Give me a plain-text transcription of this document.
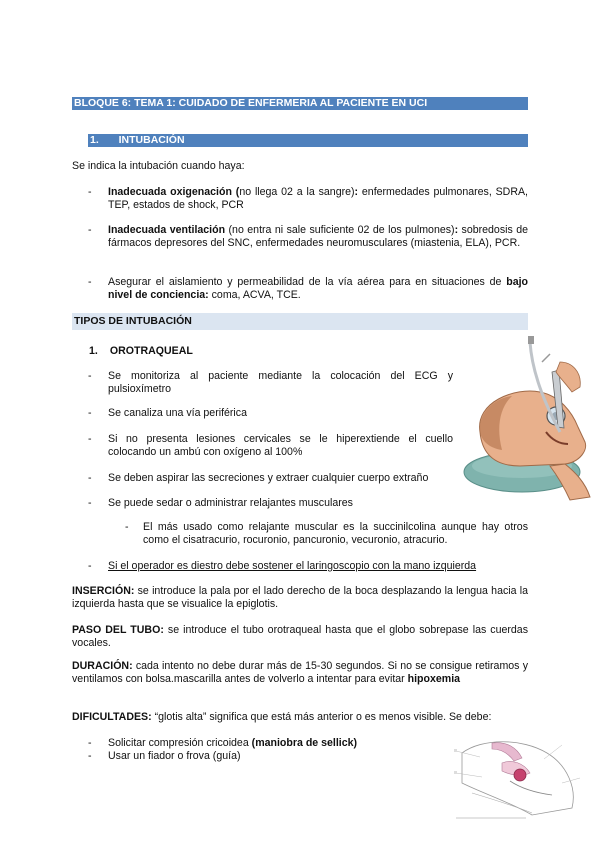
BLOQUE 6: TEMA 1: CUIDADO DE ENFERMERIA AL PACIENTE EN UCI
1. INTUBACIÓN
Se indica la intubación cuando haya:
- Inadecuada oxigenación (no llega 02 a la sangre): enfermedades pulmonares, SDRA, TEP, estados de shock, PCR
- Inadecuada ventilación (no entra ni sale suficiente 02 de los pulmones): sobredosis de fármacos depresores del SNC, enfermedades neuromusculares (miastenia, ELA), PCR.
- Asegurar el aislamiento y permeabilidad de la vía aérea para en situaciones de bajo nivel de conciencia: coma, ACVA, TCE.
TIPOS DE INTUBACIÓN
1. OROTRAQUEAL
- Se monitoriza al paciente mediante la colocación del ECG y pulsioxímetro
- Se canaliza una vía periférica
- Si no presenta lesiones cervicales se le hiperextiende el cuello colocando un ambú con oxígeno al 100%
- Se deben aspirar las secreciones y extraer cualquier cuerpo extraño
- Se puede sedar o administrar relajantes musculares
- El más usado como relajante muscular es la succinilcolina aunque hay otros como el cisatracurio, rocuronio, pancuronio, vecuronio, atracurio.
- Si el operador es diestro debe sostener el laringoscopio con la mano izquierda
INSERCIÓN: se introduce la pala por el lado derecho de la boca desplazando la lengua hacia la izquierda hasta que se visualice la epiglotis.
PASO DEL TUBO: se introduce el tubo orotraqueal hasta que el globo sobrepase las cuerdas vocales.
DURACIÓN: cada intento no debe durar más de 15-30 segundos. Si no se consigue retiramos y ventilamos con bolsa.mascarilla antes de volverlo a intentar para evitar hipoxemia
DIFICULTADES: “glotis alta” significa que está más anterior o es menos visible. Se debe:
- Solicitar compresión cricoidea (maniobra de sellick)
- Usar un fiador o frova (guía)
